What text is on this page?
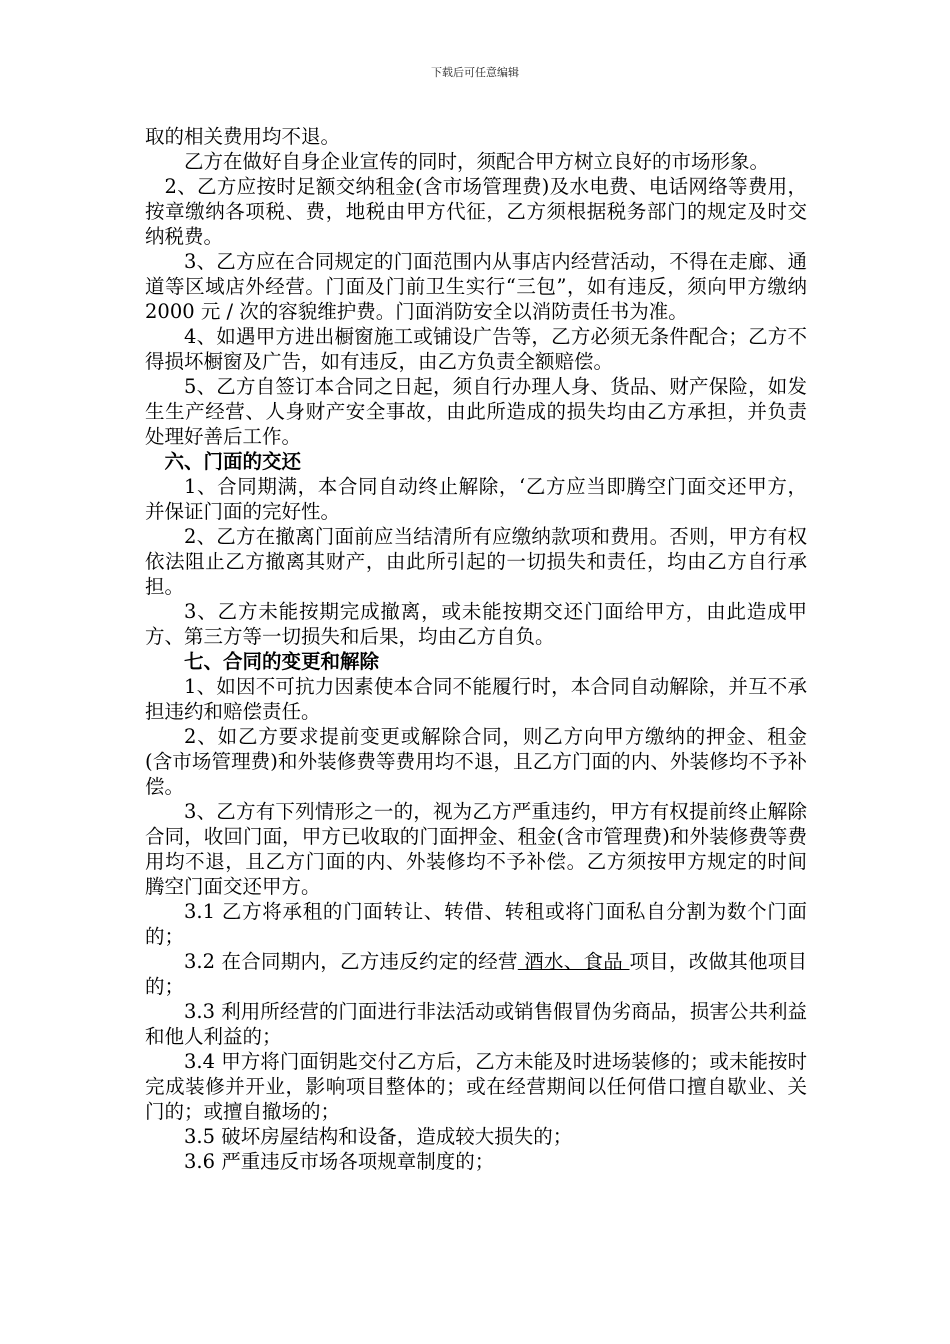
下载后可任意编辑

取的相关费用均不退。

乙方在做好自身企业宣传的同时，须配合甲方树立良好的市场形象。

2、乙方应按时足额交纳租金(含市场管理费)及水电费、电话网络等费用，按章缴纳各项税、费，地税由甲方代征，乙方须根据税务部门的规定及时交纳税费。

3、乙方应在合同规定的门面范围内从事店内经营活动，不得在走廊、通道等区域店外经营。门面及门前卫生实行“三包”，如有违反，须向甲方缴纳 2000 元 / 次的容貌维护费。门面消防安全以消防责任书为准。

4、如遇甲方进出橱窗施工或铺设广告等，乙方必须无条件配合；乙方不得损坏橱窗及广告，如有违反，由乙方负责全额赔偿。

5、乙方自签订本合同之日起，须自行办理人身、货品、财产保险，如发生生产经营、人身财产安全事故，由此所造成的损失均由乙方承担，并负责处理好善后工作。

六、门面的交还

1、合同期满，本合同自动终止解除，‘乙方应当即腾空门面交还甲方，并保证门面的完好性。

2、乙方在撤离门面前应当结清所有应缴纳款项和费用。否则，甲方有权依法阻止乙方撤离其财产，由此所引起的一切损失和责任，均由乙方自行承担。

3、乙方未能按期完成撤离，或未能按期交还门面给甲方，由此造成甲方、第三方等一切损失和后果，均由乙方自负。

七、合同的变更和解除

1、如因不可抗力因素使本合同不能履行时，本合同自动解除，并互不承担违约和赔偿责任。

2、如乙方要求提前变更或解除合同，则乙方向甲方缴纳的押金、租金(含市场管理费)和外装修费等费用均不退，且乙方门面的内、外装修均不予补偿。

3、乙方有下列情形之一的，视为乙方严重违约，甲方有权提前终止解除合同，收回门面，甲方已收取的门面押金、租金(含市管理费)和外装修费等费用均不退，且乙方门面的内、外装修均不予补偿。乙方须按甲方规定的时间腾空门面交还甲方。

3.1 乙方将承租的门面转让、转借、转租或将门面私自分割为数个门面的；

3.2 在合同期内，乙方违反约定的经营 酒水、食品 项目，改做其他项目的；

3.3 利用所经营的门面进行非法活动或销售假冒伪劣商品，损害公共利益和他人利益的；

3.4 甲方将门面钥匙交付乙方后，乙方未能及时进场装修的；或未能按时完成装修并开业，影响项目整体的；或在经营期间以任何借口擅自歇业、关门的；或擅自撤场的；

3.5 破坏房屋结构和设备，造成较大损失的；

3.6 严重违反市场各项规章制度的；
